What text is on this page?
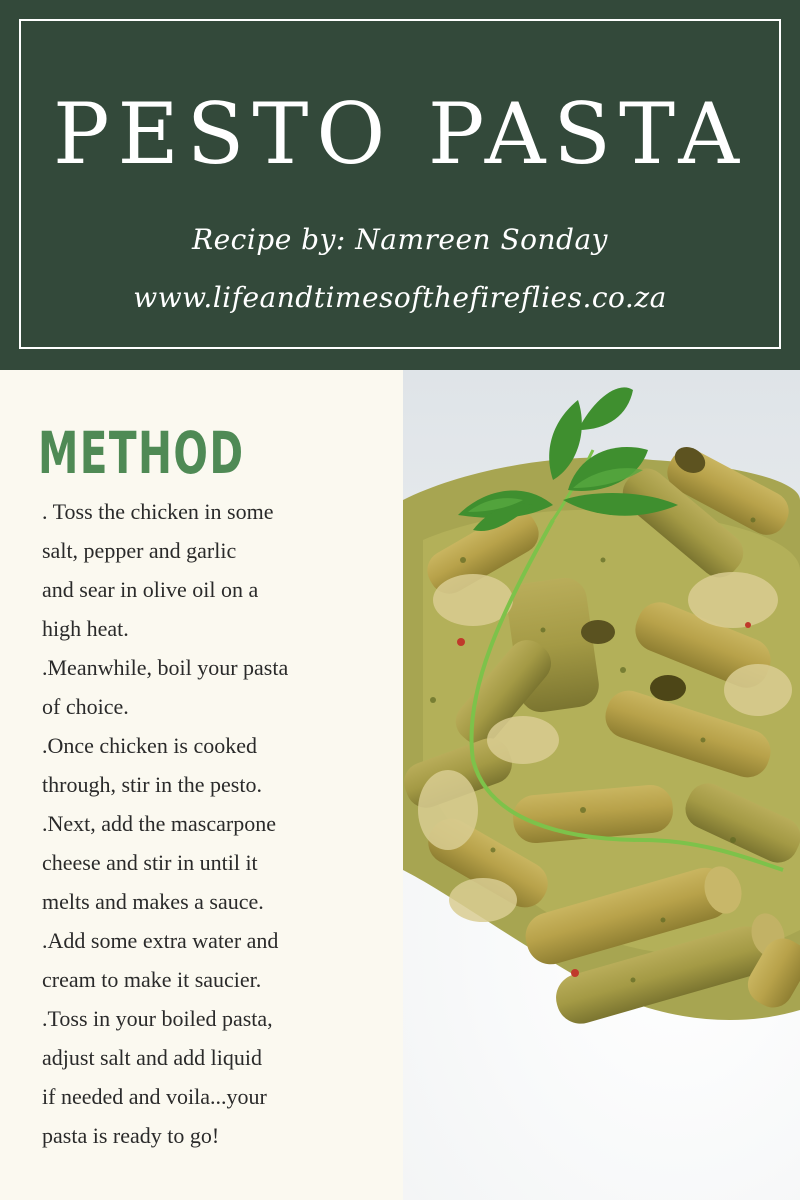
PESTO PASTA
Recipe by: Namreen Sonday
www.lifeandtimesofthefireflies.co.za
METHOD
. Toss the chicken in some
salt, pepper and garlic
and sear in olive oil on a
high heat.
.Meanwhile, boil your pasta
of choice.
.Once chicken is cooked
through, stir in the pesto.
.Next, add the mascarpone
cheese and stir in until it
melts and makes a sauce.
.Add some extra water and
cream to make it saucier.
.Toss in your boiled pasta,
adjust salt and add liquid
if needed and voila...your
pasta is ready to go!
